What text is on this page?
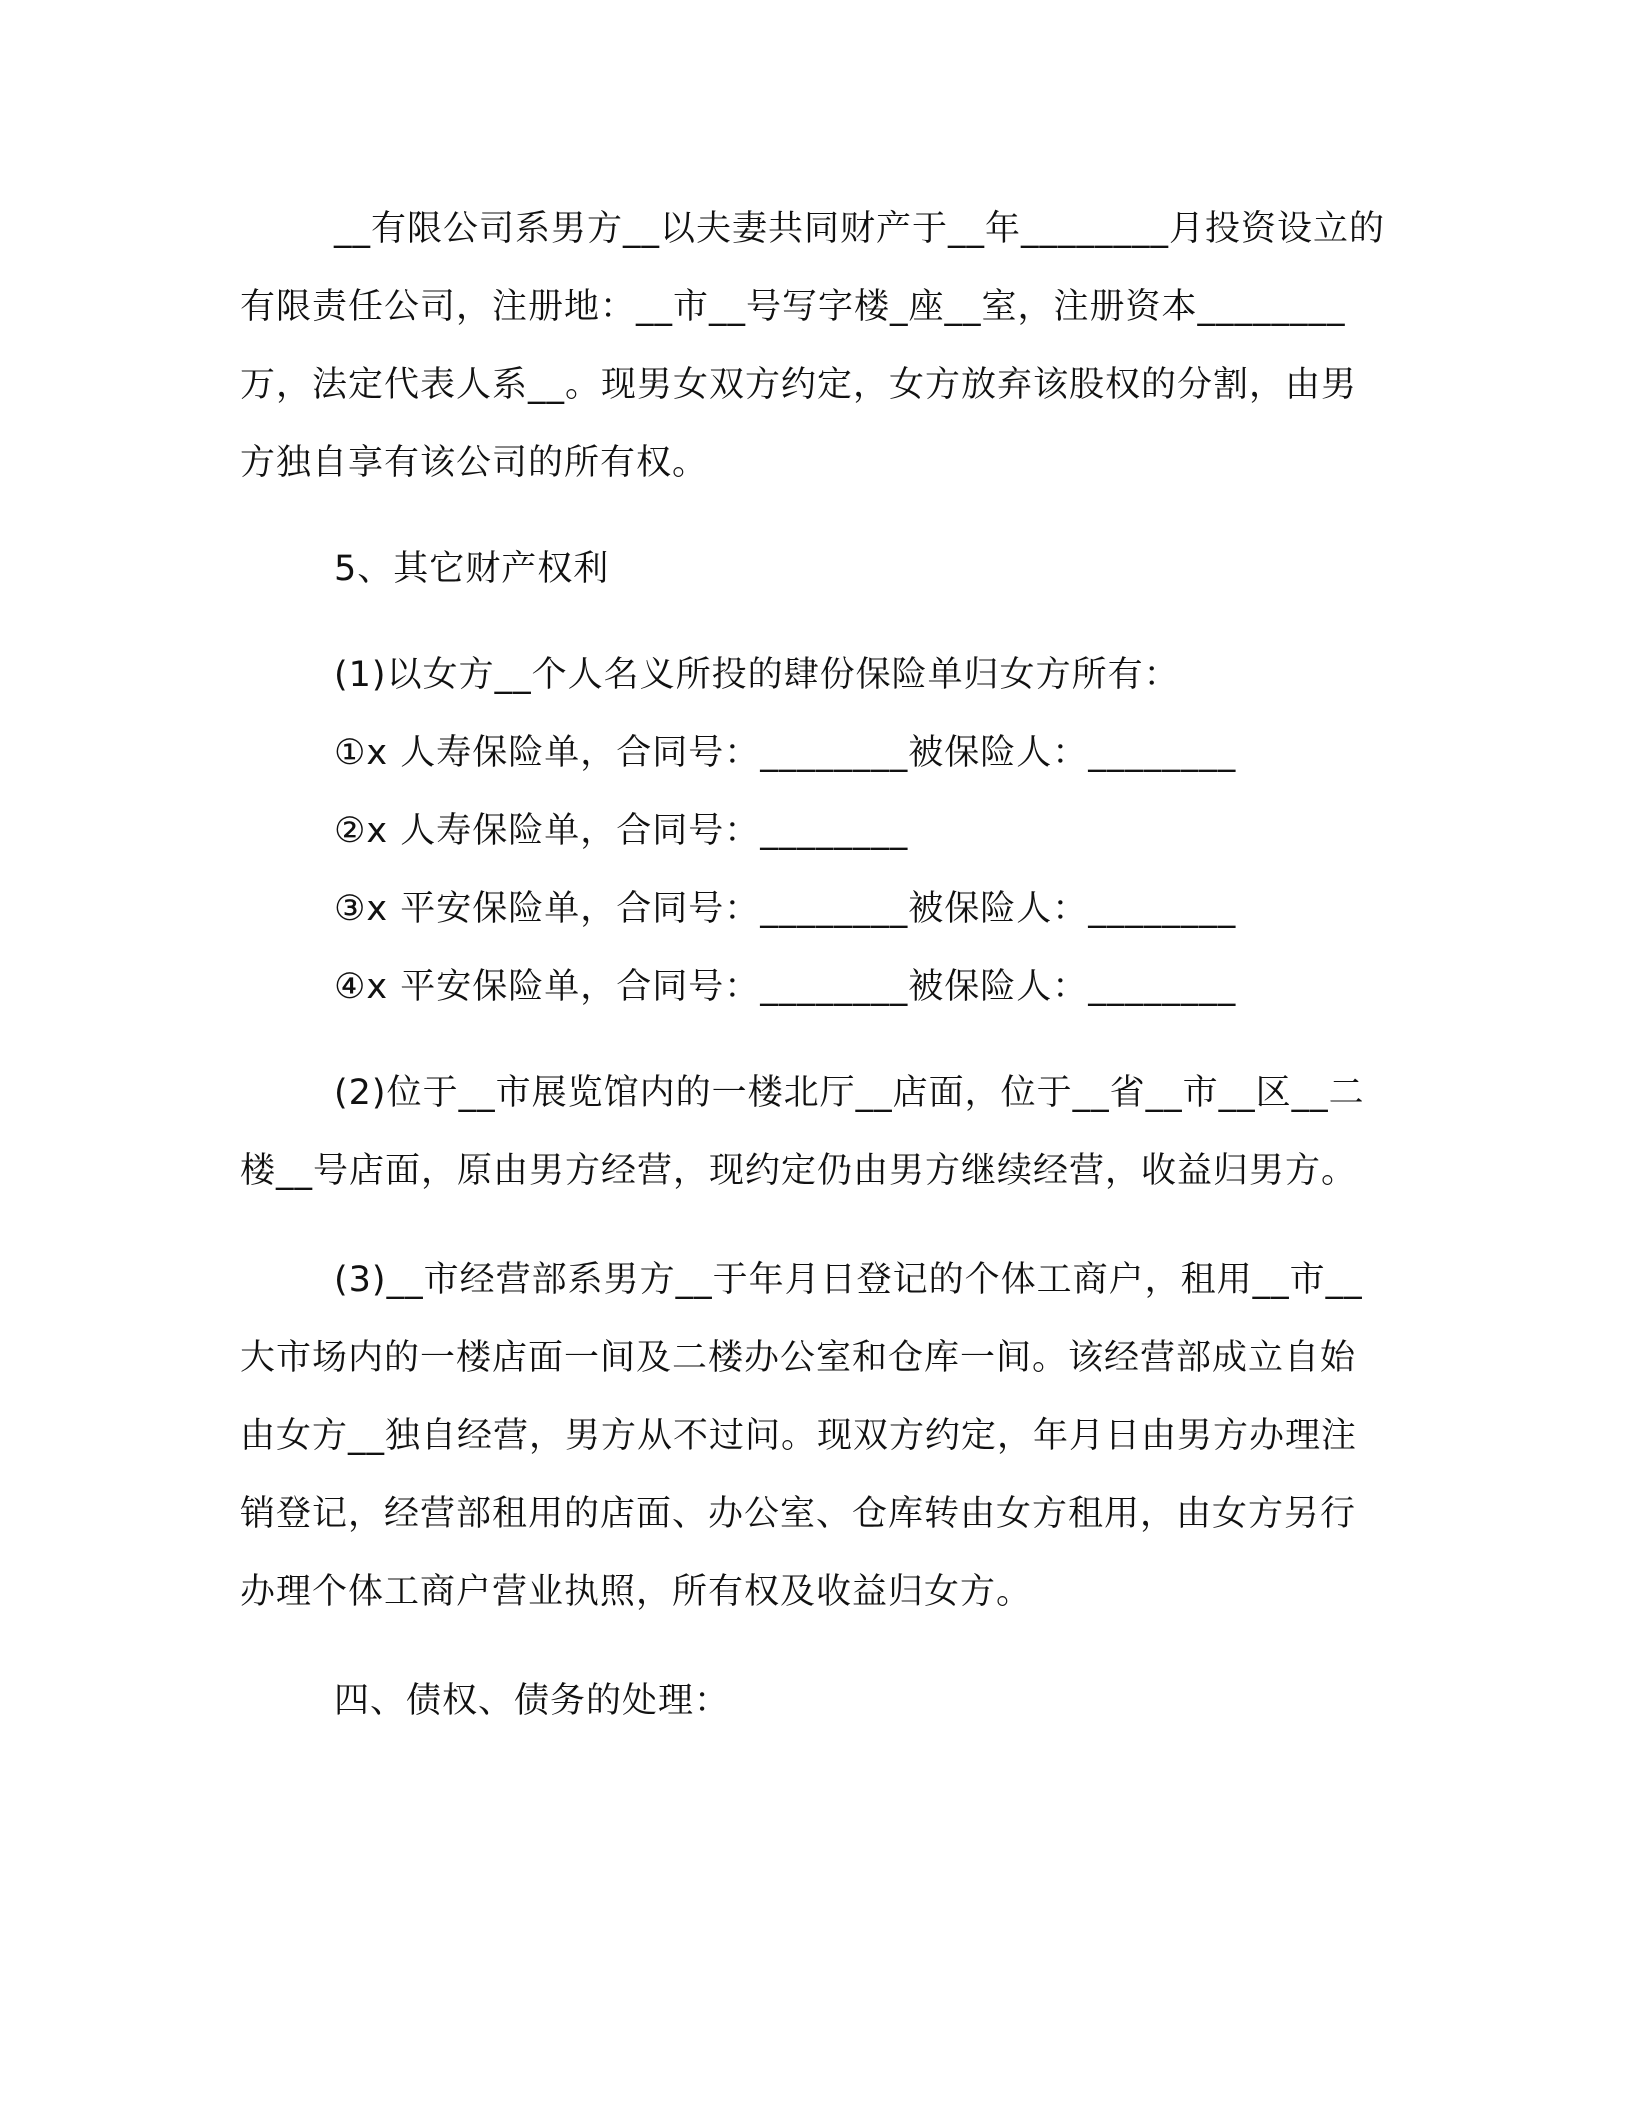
__有限公司系男方__以夫妻共同财产于__年________月投资设立的有限责任公司，注册地：__市__号写字楼_座__室，注册资本________万，法定代表人系__。现男女双方约定，女方放弃该股权的分割，由男方独自享有该公司的所有权。

5、其它财产权利

(1)以女方__个人名义所投的肆份保险单归女方所有：

①x 人寿保险单，合同号：________被保险人：________

②x 人寿保险单，合同号：________

③x 平安保险单，合同号：________被保险人：________

④x 平安保险单，合同号：________被保险人：________

(2)位于__市展览馆内的一楼北厅__店面，位于__省__市__区__二楼__号店面，原由男方经营，现约定仍由男方继续经营，收益归男方。

(3)__市经营部系男方__于年月日登记的个体工商户，租用__市__大市场内的一楼店面一间及二楼办公室和仓库一间。该经营部成立自始由女方__独自经营，男方从不过问。现双方约定，年月日由男方办理注销登记，经营部租用的店面、办公室、仓库转由女方租用，由女方另行办理个体工商户营业执照，所有权及收益归女方。

四、债权、债务的处理：
